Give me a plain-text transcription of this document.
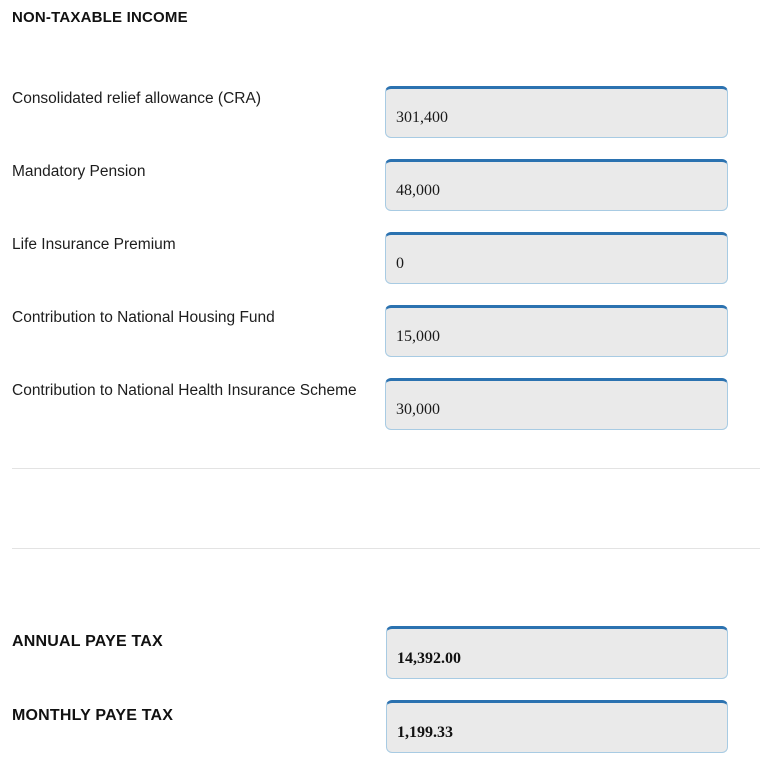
NON-TAXABLE INCOME
Consolidated relief allowance (CRA)
301,400
Mandatory Pension
48,000
Life Insurance Premium
0
Contribution to National Housing Fund
15,000
Contribution to National Health Insurance Scheme
30,000
ANNUAL PAYE TAX
14,392.00
MONTHLY PAYE TAX
1,199.33
